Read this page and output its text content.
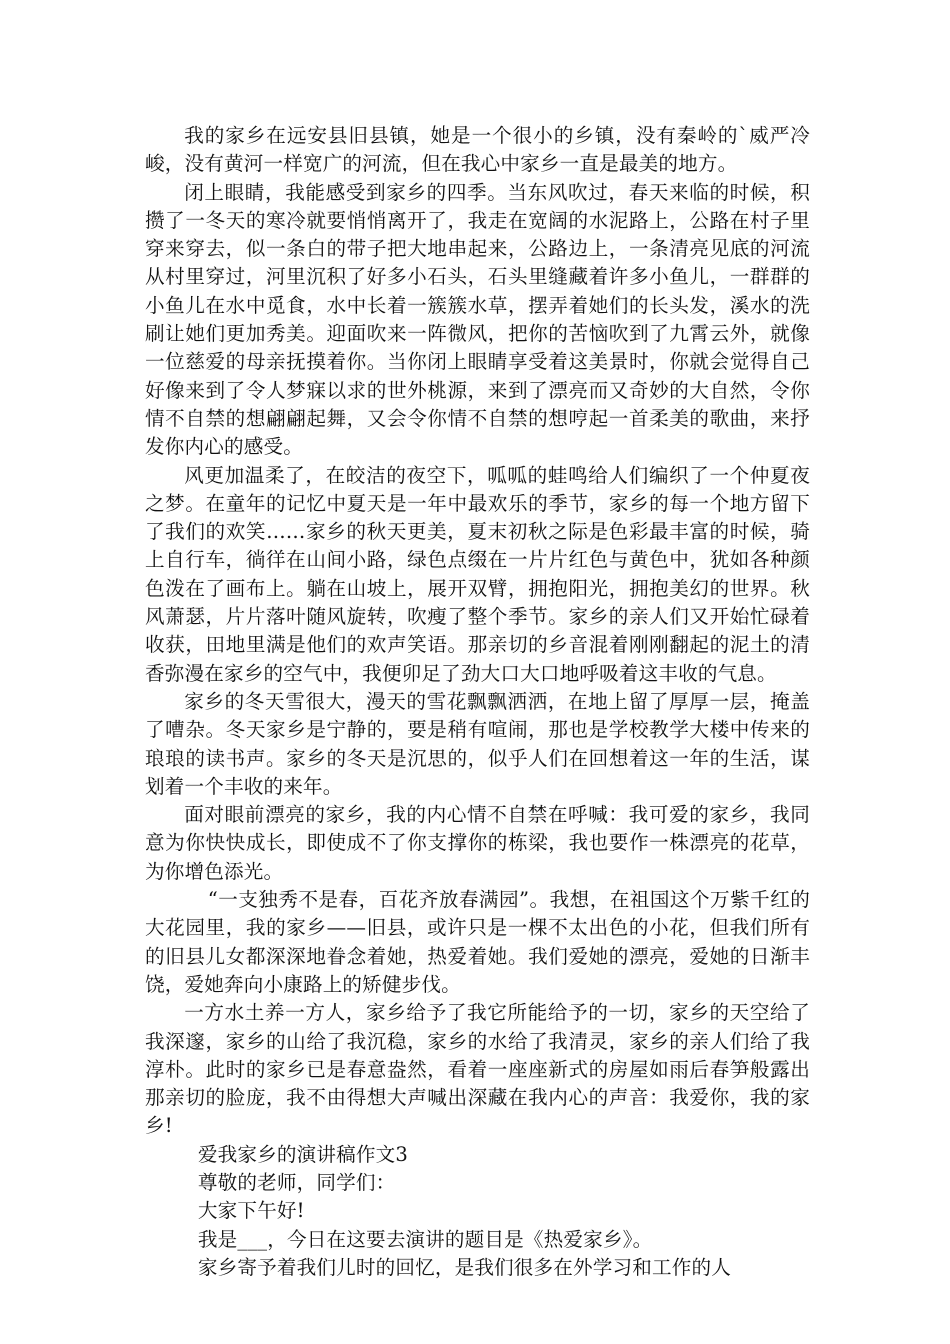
我的家乡在远安县旧县镇，她是一个很小的乡镇，没有秦岭的`威严冷峻，没有黄河一样宽广的河流，但在我心中家乡一直是最美的地方。

闭上眼睛，我能感受到家乡的四季。当东风吹过，春天来临的时候，积攒了一冬天的寒冷就要悄悄离开了，我走在宽阔的水泥路上，公路在村子里穿来穿去，似一条白的带子把大地串起来，公路边上，一条清亮见底的河流从村里穿过，河里沉积了好多小石头，石头里缝藏着许多小鱼儿，一群群的小鱼儿在水中觅食，水中长着一簇簇水草，摆弄着她们的长头发，溪水的洗刷让她们更加秀美。迎面吹来一阵微风，把你的苦恼吹到了九霄云外，就像一位慈爱的母亲抚摸着你。当你闭上眼睛享受着这美景时，你就会觉得自己好像来到了令人梦寐以求的世外桃源，来到了漂亮而又奇妙的大自然，令你情不自禁的想翩翩起舞，又会令你情不自禁的想哼起一首柔美的歌曲，来抒发你内心的感受。

风更加温柔了，在皎洁的夜空下，呱呱的蛙鸣给人们编织了一个仲夏夜之梦。在童年的记忆中夏天是一年中最欢乐的季节，家乡的每一个地方留下了我们的欢笑……家乡的秋天更美，夏末初秋之际是色彩最丰富的时候，骑上自行车，徜徉在山间小路，绿色点缀在一片片红色与黄色中，犹如各种颜色泼在了画布上。躺在山坡上，展开双臂，拥抱阳光，拥抱美幻的世界。秋风萧瑟，片片落叶随风旋转，吹瘦了整个季节。家乡的亲人们又开始忙碌着收获，田地里满是他们的欢声笑语。那亲切的乡音混着刚刚翻起的泥土的清香弥漫在家乡的空气中，我便卯足了劲大口大口地呼吸着这丰收的气息。

家乡的冬天雪很大，漫天的雪花飘飘洒洒，在地上留了厚厚一层，掩盖了嘈杂。冬天家乡是宁静的，要是稍有喧闹，那也是学校教学大楼中传来的琅琅的读书声。家乡的冬天是沉思的，似乎人们在回想着这一年的生活，谋划着一个丰收的来年。

面对眼前漂亮的家乡，我的内心情不自禁在呼喊：我可爱的家乡，我同意为你快快成长，即使成不了你支撑你的栋梁，我也要作一株漂亮的花草，为你增色添光。

“一支独秀不是春，百花齐放春满园”。我想，在祖国这个万紫千红的大花园里，我的家乡——旧县，或许只是一棵不太出色的小花，但我们所有的旧县儿女都深深地眷念着她，热爱着她。我们爱她的漂亮，爱她的日渐丰饶，爱她奔向小康路上的矫健步伐。

一方水土养一方人，家乡给予了我它所能给予的一切，家乡的天空给了我深邃，家乡的山给了我沉稳，家乡的水给了我清灵，家乡的亲人们给了我淳朴。此时的家乡已是春意盎然，看着一座座新式的房屋如雨后春笋般露出那亲切的脸庞，我不由得想大声喊出深藏在我内心的声音：我爱你，我的家乡!

爱我家乡的演讲稿作文3

尊敬的老师，同学们：

大家下午好!

我是___，今日在这要去演讲的题目是《热爱家乡》。

家乡寄予着我们儿时的回忆，是我们很多在外学习和工作的人
